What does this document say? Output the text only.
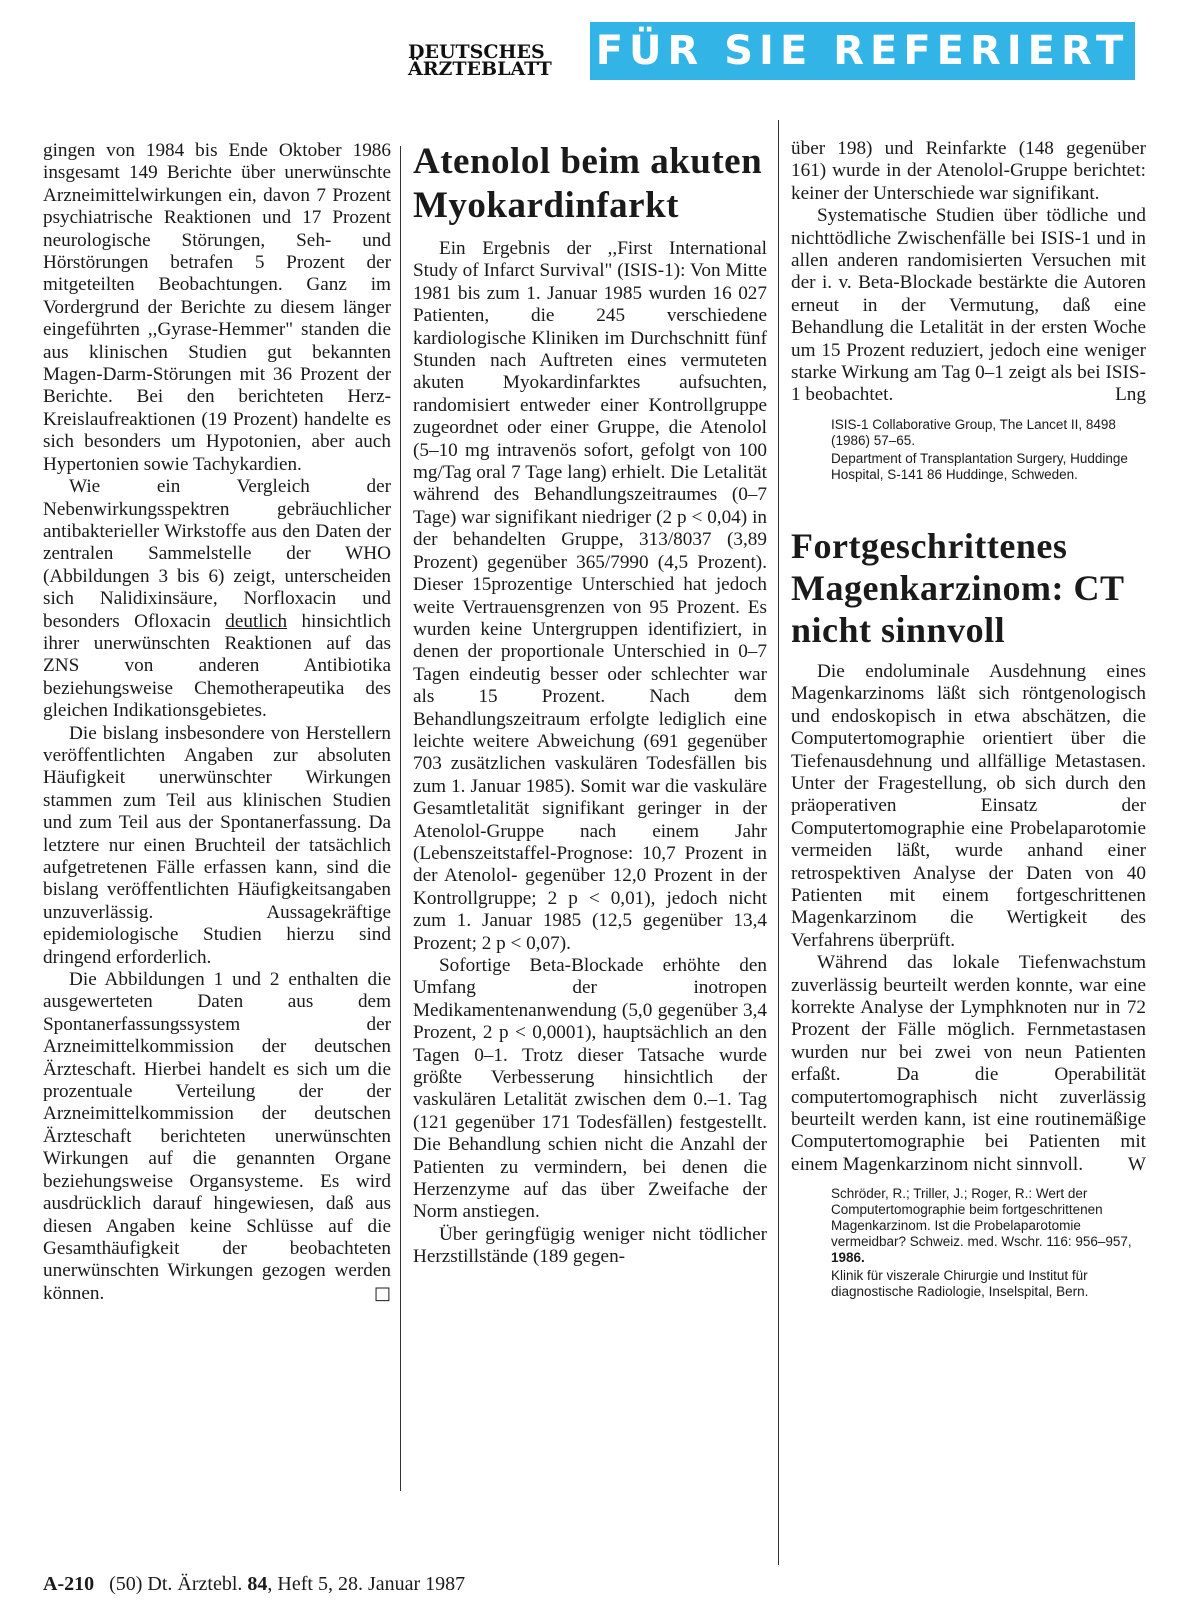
DEUTSCHES
ÄRZTEBLATT	FÜR SIE REFERIERT

gingen von 1984 bis Ende Oktober 1986 insgesamt 149 Berichte über unerwünschte Arzneimittelwirkungen ein, davon 7 Prozent psychiatrische Reaktionen und 17 Prozent neurologische Störungen, Seh- und Hörstörungen betrafen 5 Prozent der mitgeteilten Beobachtungen. Ganz im Vordergrund der Berichte zu diesem länger eingeführten ,,Gyrase-Hemmer" standen die aus klinischen Studien gut bekannten Magen-Darm-Störungen mit 36 Prozent der Berichte. Bei den berichteten Herz-Kreislaufreaktionen (19 Prozent) handelte es sich besonders um Hypotonien, aber auch Hypertonien sowie Tachykardien.

Wie ein Vergleich der Nebenwirkungsspektren gebräuchlicher antibakterieller Wirkstoffe aus den Daten der zentralen Sammelstelle der WHO (Abbildungen 3 bis 6) zeigt, unterscheiden sich Nalidixinsäure, Norfloxacin und besonders Ofloxacin deutlich hinsichtlich ihrer unerwünschten Reaktionen auf das ZNS von anderen Antibiotika beziehungsweise Chemotherapeutika des gleichen Indikationsgebietes.

Die bislang insbesondere von Herstellern veröffentlichten Angaben zur absoluten Häufigkeit unerwünschter Wirkungen stammen zum Teil aus klinischen Studien und zum Teil aus der Spontanerfassung. Da letztere nur einen Bruchteil der tatsächlich aufgetretenen Fälle erfassen kann, sind die bislang veröffentlichten Häufigkeitsangaben unzuverlässig. Aussagekräftige epidemiologische Studien hierzu sind dringend erforderlich.

Die Abbildungen 1 und 2 enthalten die ausgewerteten Daten aus dem Spontanerfassungssystem der Arzneimittelkommission der deutschen Ärzteschaft. Hierbei handelt es sich um die prozentuale Verteilung der der Arzneimittelkommission der deutschen Ärzteschaft berichteten unerwünschten Wirkungen auf die genannten Organe beziehungsweise Organsysteme. Es wird ausdrücklich darauf hingewiesen, daß aus diesen Angaben keine Schlüsse auf die Gesamthäufigkeit der beobachteten unerwünschten Wirkungen gezogen werden können.	□

Atenolol beim akuten Myokardinfarkt

Ein Ergebnis der ,,First International Study of Infarct Survival" (ISIS-1): Von Mitte 1981 bis zum 1. Januar 1985 wurden 16 027 Patienten, die 245 verschiedene kardiologische Kliniken im Durchschnitt fünf Stunden nach Auftreten eines vermuteten akuten Myokardinfarktes aufsuchten, randomisiert entweder einer Kontrollgruppe zugeordnet oder einer Gruppe, die Atenolol (5–10 mg intravenös sofort, gefolgt von 100 mg/Tag oral 7 Tage lang) erhielt. Die Letalität während des Behandlungszeitraumes (0–7 Tage) war signifikant niedriger (2 p < 0,04) in der behandelten Gruppe, 313/8037 (3,89 Prozent) gegenüber 365/7990 (4,5 Prozent). Dieser 15prozentige Unterschied hat jedoch weite Vertrauensgrenzen von 95 Prozent. Es wurden keine Untergruppen identifiziert, in denen der proportionale Unterschied in 0–7 Tagen eindeutig besser oder schlechter war als 15 Prozent. Nach dem Behandlungszeitraum erfolgte lediglich eine leichte weitere Abweichung (691 gegenüber 703 zusätzlichen vaskulären Todesfällen bis zum 1. Januar 1985). Somit war die vaskuläre Gesamtletalität signifikant geringer in der Atenolol-Gruppe nach einem Jahr (Lebenszeitstaffel-Prognose: 10,7 Prozent in der Atenolol- gegenüber 12,0 Prozent in der Kontrollgruppe; 2 p < 0,01), jedoch nicht zum 1. Januar 1985 (12,5 gegenüber 13,4 Prozent; 2 p < 0,07).

Sofortige Beta-Blockade erhöhte den Umfang der inotropen Medikamentenanwendung (5,0 gegenüber 3,4 Prozent, 2 p < 0,0001), hauptsächlich an den Tagen 0–1. Trotz dieser Tatsache wurde größte Verbesserung hinsichtlich der vaskulären Letalität zwischen dem 0.–1. Tag (121 gegenüber 171 Todesfällen) festgestellt. Die Behandlung schien nicht die Anzahl der Patienten zu vermindern, bei denen die Herzenzyme auf das über Zweifache der Norm anstiegen.

Über geringfügig weniger nicht tödlicher Herzstillstände (189 gegen-

über 198) und Reinfarkte (148 gegenüber 161) wurde in der Atenolol-Gruppe berichtet: keiner der Unterschiede war signifikant.

Systematische Studien über tödliche und nichttödliche Zwischenfälle bei ISIS-1 und in allen anderen randomisierten Versuchen mit der i. v. Beta-Blockade bestärkte die Autoren erneut in der Vermutung, daß eine Behandlung die Letalität in der ersten Woche um 15 Prozent reduziert, jedoch eine weniger starke Wirkung am Tag 0–1 zeigt als bei ISIS-1 beobachtet.	Lng

ISIS-1 Collaborative Group, The Lancet II, 8498 (1986) 57–65.

Department of Transplantation Surgery, Huddinge Hospital, S-141 86 Huddinge, Schweden.

Fortgeschrittenes Magenkarzinom: CT nicht sinnvoll

Die endoluminale Ausdehnung eines Magenkarzinoms läßt sich röntgenologisch und endoskopisch in etwa abschätzen, die Computertomographie orientiert über die Tiefenausdehnung und allfällige Metastasen. Unter der Fragestellung, ob sich durch den präoperativen Einsatz der Computertomographie eine Probelaparotomie vermeiden läßt, wurde anhand einer retrospektiven Analyse der Daten von 40 Patienten mit einem fortgeschrittenen Magenkarzinom die Wertigkeit des Verfahrens überprüft.

Während das lokale Tiefenwachstum zuverlässig beurteilt werden konnte, war eine korrekte Analyse der Lymphknoten nur in 72 Prozent der Fälle möglich. Fernmetastasen wurden nur bei zwei von neun Patienten erfaßt. Da die Operabilität computertomographisch nicht zuverlässig beurteilt werden kann, ist eine routinemäßige Computertomographie bei Patienten mit einem Magenkarzinom nicht sinnvoll.	W

Schröder, R.; Triller, J.; Roger, R.: Wert der Computertomographie beim fortgeschrittenen Magenkarzinom. Ist die Probelaparotomie vermeidbar? Schweiz. med. Wschr. 116: 956–957, 1986.

Klinik für viszerale Chirurgie und Institut für diagnostische Radiologie, Inselspital, Bern.

A-210 (50) Dt. Ärztebl. 84, Heft 5, 28. Januar 1987
